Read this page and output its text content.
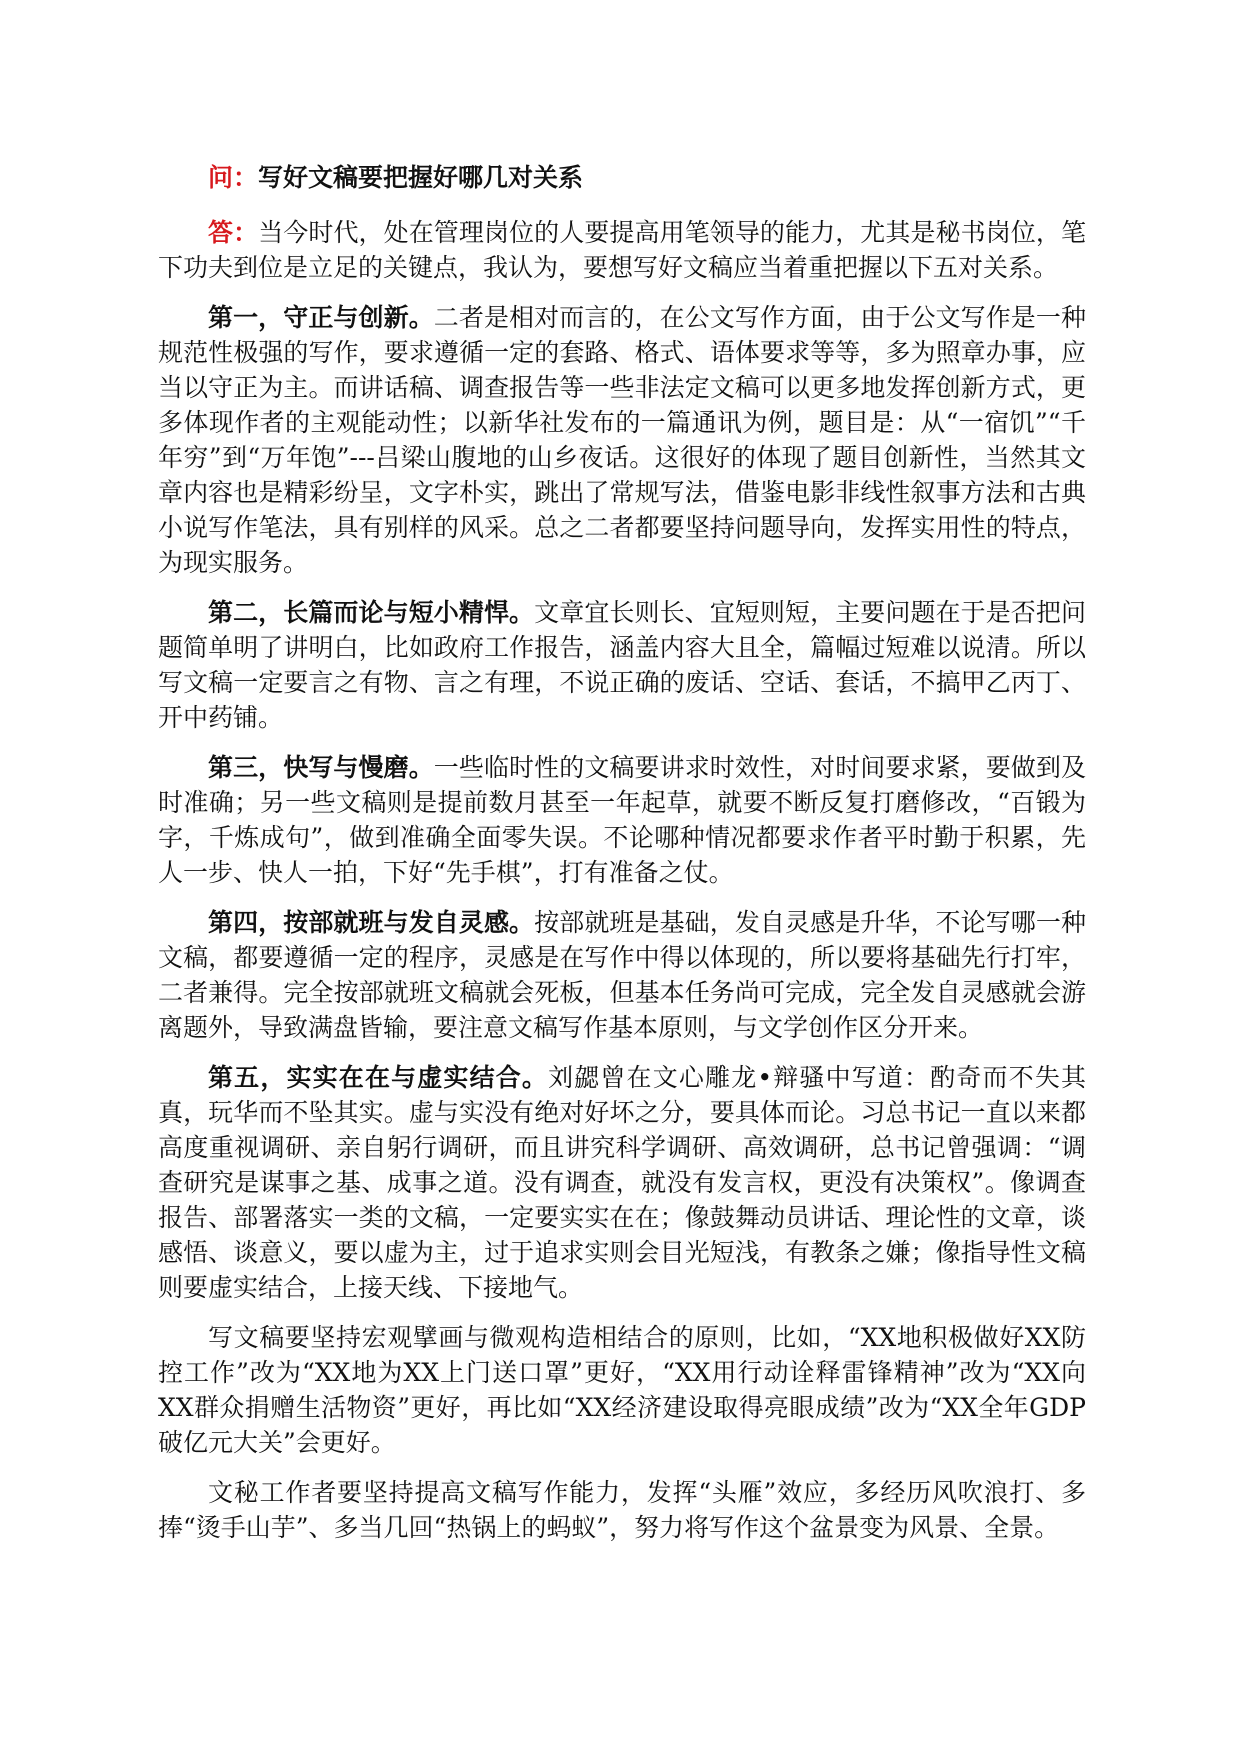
问：写好文稿要把握好哪几对关系

答：当今时代，处在管理岗位的人要提高用笔领导的能力，尤其是秘书岗位，笔下功夫到位是立足的关键点，我认为，要想写好文稿应当着重把握以下五对关系。

第一，守正与创新。二者是相对而言的，在公文写作方面，由于公文写作是一种规范性极强的写作，要求遵循一定的套路、格式、语体要求等等，多为照章办事，应当以守正为主。而讲话稿、调查报告等一些非法定文稿可以更多地发挥创新方式，更多体现作者的主观能动性；以新华社发布的一篇通讯为例，题目是：从“一宿饥”“千年穷”到“万年饱”---吕梁山腹地的山乡夜话。这很好的体现了题目创新性，当然其文章内容也是精彩纷呈，文字朴实，跳出了常规写法，借鉴电影非线性叙事方法和古典小说写作笔法，具有别样的风采。总之二者都要坚持问题导向，发挥实用性的特点，为现实服务。

第二，长篇而论与短小精悍。文章宜长则长、宜短则短，主要问题在于是否把问题简单明了讲明白，比如政府工作报告，涵盖内容大且全，篇幅过短难以说清。所以写文稿一定要言之有物、言之有理，不说正确的废话、空话、套话，不搞甲乙丙丁、开中药铺。

第三，快写与慢磨。一些临时性的文稿要讲求时效性，对时间要求紧，要做到及时准确；另一些文稿则是提前数月甚至一年起草，就要不断反复打磨修改，“百锻为字，千炼成句”，做到准确全面零失误。不论哪种情况都要求作者平时勤于积累，先人一步、快人一拍，下好“先手棋”，打有准备之仗。

第四，按部就班与发自灵感。按部就班是基础，发自灵感是升华，不论写哪一种文稿，都要遵循一定的程序，灵感是在写作中得以体现的，所以要将基础先行打牢，二者兼得。完全按部就班文稿就会死板，但基本任务尚可完成，完全发自灵感就会游离题外，导致满盘皆输，要注意文稿写作基本原则，与文学创作区分开来。

第五，实实在在与虚实结合。刘勰曾在文心雕龙•辩骚中写道：酌奇而不失其真，玩华而不坠其实。虚与实没有绝对好坏之分，要具体而论。习总书记一直以来都高度重视调研、亲自躬行调研，而且讲究科学调研、高效调研，总书记曾强调：“调查研究是谋事之基、成事之道。没有调查，就没有发言权，更没有决策权”。像调查报告、部署落实一类的文稿，一定要实实在在；像鼓舞动员讲话、理论性的文章，谈感悟、谈意义，要以虚为主，过于追求实则会目光短浅，有教条之嫌；像指导性文稿则要虚实结合，上接天线、下接地气。

写文稿要坚持宏观擘画与微观构造相结合的原则，比如，“XX地积极做好XX防控工作”改为“XX地为XX上门送口罩”更好，“XX用行动诠释雷锋精神”改为“XX向XX群众捐赠生活物资”更好，再比如“XX经济建设取得亮眼成绩”改为“XX全年GDP破亿元大关”会更好。

文秘工作者要坚持提高文稿写作能力，发挥“头雁”效应，多经历风吹浪打、多捧“烫手山芋”、多当几回“热锅上的蚂蚁”，努力将写作这个盆景变为风景、全景。
